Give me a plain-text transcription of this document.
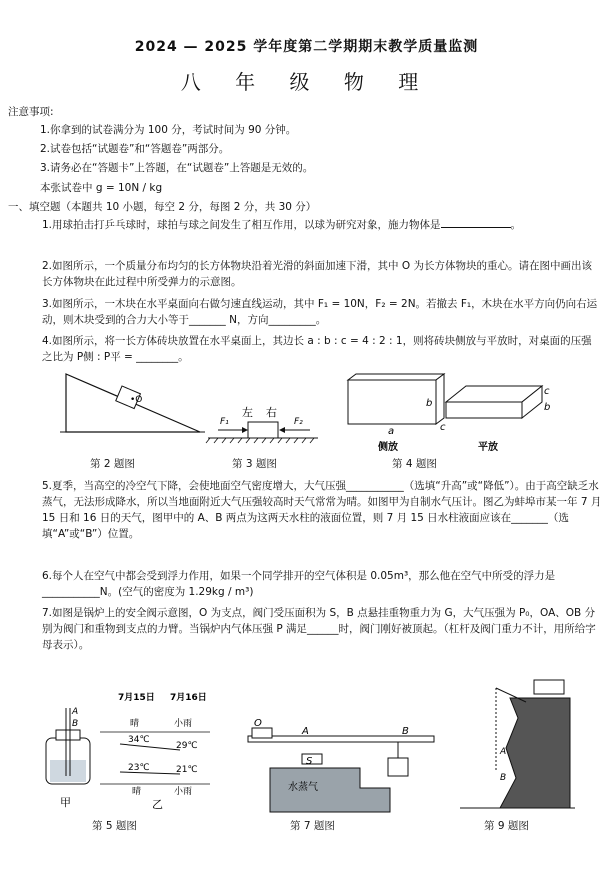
2024 — 2025 学年度第二学期期末教学质量监测
八 年 级 物 理
注意事项:
1.你拿到的试卷满分为 100 分，考试时间为 90 分钟。
2.试卷包括“试题卷”和“答题卷”两部分。
3.请务必在“答题卡”上答题，在“试题卷”上答题是无效的。
本张试卷中 g = 10N / kg
一、填空题（本题共 10 小题，每空 2 分，每图 2 分，共 30 分）
1.用球拍击打乒乓球时，球拍与球之间发生了相互作用，以球为研究对象，施力物体是	。
2.如图所示，一个质量分布均匀的长方体物块沿着光滑的斜面加速下滑，其中 O 为长方体物块的重心。请在图中画出该长方体物块在此过程中所受弹力的示意图。
3.如图所示，一木块在水平桌面向右做匀速直线运动，其中 F₁ = 10N，F₂ = 2N。若撤去 F₁，木块在水平方向仍向右运动，则木块受到的合力大小等于_______ N，方向_________。
4.如图所示，将一长方体砖块放置在水平桌面上，其边长 a : b : c = 4 : 2 : 1，则将砖块侧放与平放时，对桌面的压强之比为 P侧 : P平 = ________。
•O
左 右
F₁	F₂
a
b
c
c
b
侧放	平放
第 2 题图	第 3 题图	第 4 题图
5.夏季，当高空的冷空气下降，会使地面空气密度增大，大气压强___________（选填“升高”或“降低”）。由于高空缺乏水蒸气，无法形成降水，所以当地面附近大气压强较高时天气常常为晴。如图甲为自制水气压计。图乙为蚌埠市某一年 7 月 15 日和 16 日的天气，图甲中的 A、B 两点为这两天水柱的液面位置，则 7 月 15 日水柱液面应该在_______（选填“A”或“B”）位置。
6.每个人在空气中都会受到浮力作用，如果一个同学排开的空气体积是 0.05m³，那么他在空气中所受的浮力是___________N。(空气的密度为 1.29kg / m³)
7.如图是锅炉上的安全阀示意图，O 为支点，阀门受压面积为 S，B 点悬挂重物重力为 G，大气压强为 P₀，OA、OB 分别为阀门和重物到支点的力臂。当锅炉内气体压强 P 满足______时，阀门刚好被顶起。（杠杆及阀门重力不计，用所给字母表示）。
A
B
甲
7月15日 7月16日
晴	小雨
34℃
29℃
23℃	21℃
晴	小雨
乙
O
A	B
S
水蒸气
A
B
第 5 题图	第 7 题图	第 9 题图
